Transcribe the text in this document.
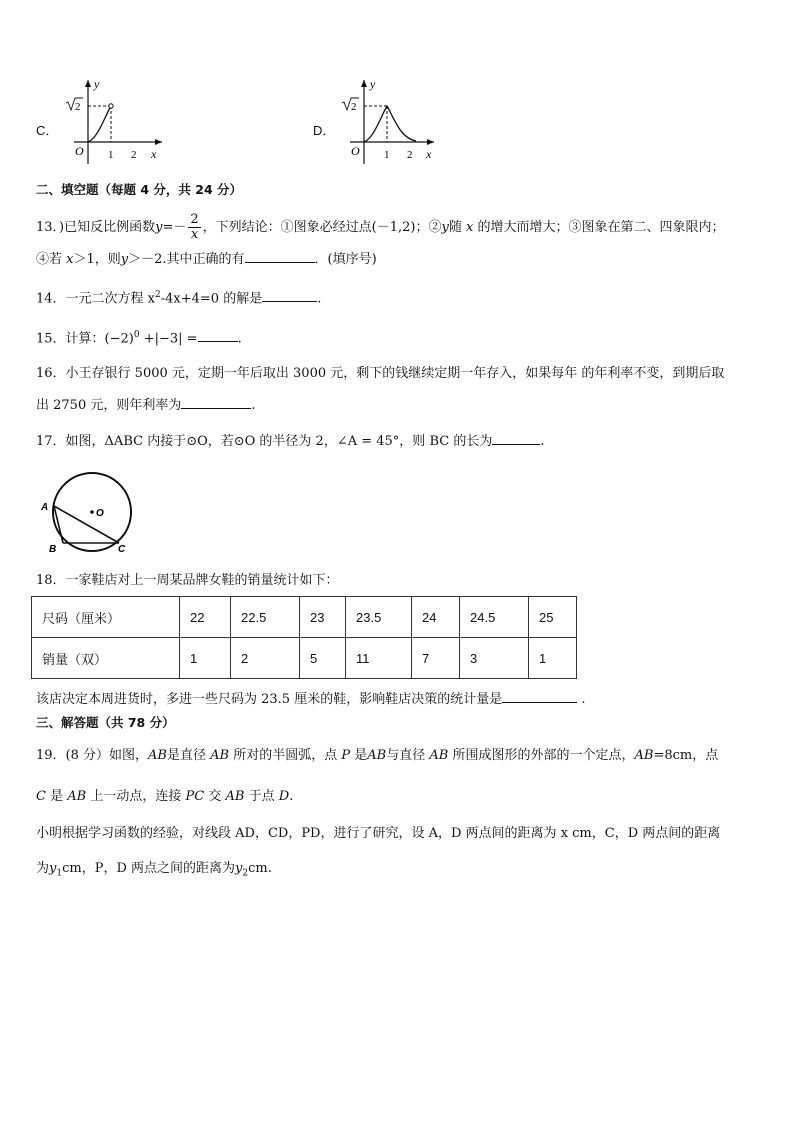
C．
y
x
O
2
1 2
D．
y
x
O
2
1 2
二、填空题（每题 4 分，共 24 分）
13．)已知反比例函数$y=- \frac{2}{x}$ ，下列结论：①图象必经过点(－1,2)；②y随 x 的增大而增大；③图象在第二、四象限内；
④若 x＞1，则y＞－2.其中正确的有	．(填序号)
14．一元二次方程 $x^2-4x+4=0$ 的解是	.
15．计算：$(-2)^0 +|-3|$ =	.
16．小王存银行 5000 元，定期一年后取出 3000 元，剩下的钱继续定期一年存入，如果每年 的年利率不变，到期后取
出 2750 元，则年利率为	.
17．如图，ΔABC 内接于⊙O，若⊙O 的半径为 2，∠A = 45°，则 BC 的长为	.
A
B	C
O
18．一家鞋店对上一周某品牌女鞋的销量统计如下：
尺码（厘米）	22	22.5	23	23.5	24	24.5	25
销量（双）	1	2	5	11	7	3	1
该店决定本周进货时，多进一些尺码为 23.5 厘米的鞋，影响鞋店决策的统计量是	.
三、解答题（共 78 分）
19．(8 分）如图，AB是直径 AB 所对的半圆弧，点 P 是AB与直径 AB 所围成图形的外部的一个定点，AB=8cm，点
C 是 AB 上一动点，连接 PC 交 AB 于点 D.
小明根据学习函数的经验，对线段 AD，CD，PD，进行了研究，设 A，D 两点间的距离为 x cm，C，D 两点间的距离
为$y_1cm$，P，D 两点之间的距离为$y_2cm$.
